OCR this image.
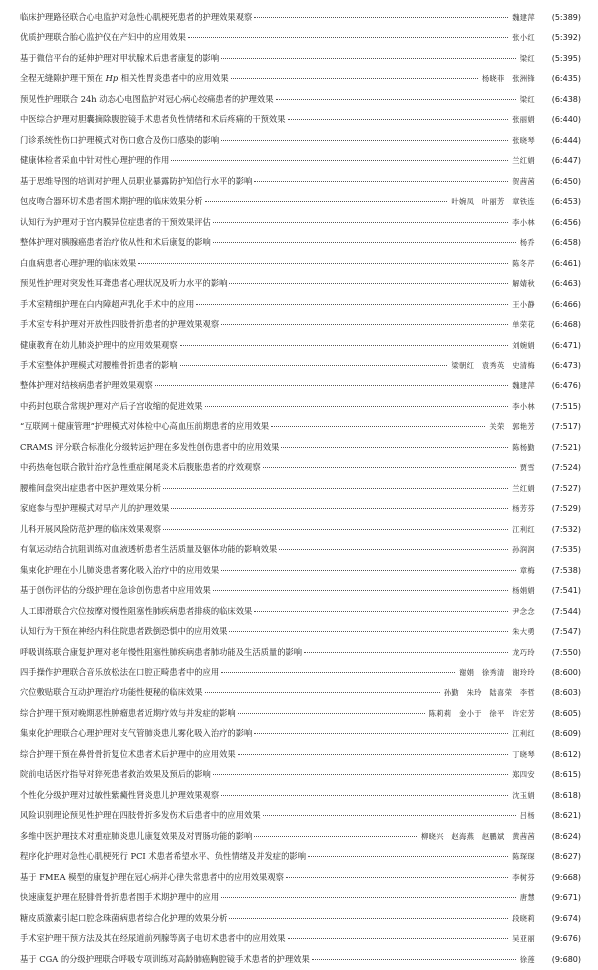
临床护理路径联合心电监护对急性心肌梗死患者的护理效果观察	魏建萍	(5:389)
优质护理联合胎心监护仪在产妇中的应用效果	张小红	(5:392)
基于微信平台的延伸护理对甲状腺术后患者康复的影响	梁红	(5:395)
全程无缝隙护理干预在 Hp 相关性胃炎患者中的应用效果	杨晓菲　张洲锋	(6:435)
预见性护理联合 24h 动态心电图监护对冠心病心绞痛患者的护理效果	梁红	(6:438)
中医综合护理对胆囊摘除腹腔镜手术患者负性情绪和术后疼痛的干预效果	张丽娟	(6:440)
门诊系统性伤口护理模式对伤口愈合及伤口感染的影响	张晓琴	(6:444)
健康体检者采血中针对性心理护理的作用	兰红娟	(6:447)
基于思维导图的培训对护理人员职业暴露防护知信行水平的影响	贺茜茜	(6:450)
包皮吻合器环切术患者围术期护理的临床效果分析	叶婉凤　叶丽芳　章铁连	(6:453)
认知行为护理对于宫内膜异位症患者的干预效果评估	李小林	(6:456)
整体护理对胰腺癌患者治疗依从性和术后康复的影响	杨乔	(6:458)
白血病患者心理护理的临床效果	陈冬芹	(6:461)
预见性护理对突发性耳聋患者心理状况及听力水平的影响	解婧秋	(6:463)
手术室精细护理在白内障超声乳化手术中的应用	王小静	(6:466)
手术室专科护理对开放性四肢骨折患者的护理效果观察	单荣花	(6:468)
健康教育在幼儿肺炎护理中的应用效果观察	刘婉娟	(6:471)
手术室整体护理模式对腰椎骨折患者的影响	梁朝红　袁秀英　史清梅	(6:473)
整体护理对结核病患者护理效果观察	魏建萍	(6:476)
中药封包联合常规护理对产后子宫收缩的促进效果	李小林	(7:515)
“互联网＋健康管理”护理模式对体检中心高血压前期患者的应用效果	关荣　郭艳芳	(7:517)
CRAMS 评分联合标准化分级转运护理在多发性创伤患者中的应用效果	陈杨勤	(7:521)
中药热奄包联合散针治疗急性重症阑尾炎术后腹胀患者的疗效观察	贾雪	(7:524)
腰椎间盘突出症患者中医护理效果分析	兰红娟	(7:527)
家庭参与型护理模式对早产儿的护理效果	杨芳芬	(7:529)
儿科开展风险防范护理的临床效果观察	江利红	(7:532)
有氧运动结合抗阻训练对血液透析患者生活质量及躯体功能的影响效果	孙润润	(7:535)
集束化护理在小儿肺炎患者雾化吸入治疗中的应用效果	章梅	(7:538)
基于创伤评估的分级护理在急诊创伤患者中应用效果	杨娟娟	(7:541)
人工即滑联合穴位按摩对慢性阻塞性肺疾病患者排痰的临床效果	尹念念	(7:544)
认知行为干预在神经内科住院患者跌倒恐惧中的应用效果	朱大勇	(7:547)
呼吸训练联合康复护理对老年慢性阻塞性肺疾病患者肺功能及生活质量的影响	龙巧玲	(7:550)
四手操作护理联合音乐放松法在口腔正畸患者中的应用	谢娟　徐秀清　谢玲玲	(8:600)
穴位敷贴联合互动护理治疗功能性便秘的临床效果	孙勤　朱玲　陆喜荣　李哲	(8:603)
综合护理干预对晚期恶性肿瘤患者近期疗效与并发症的影响	陈莉莉　金小于　徐平　许宏芳	(8:605)
集束化护理联合心理护理对支气管肺炎患儿雾化吸入治疗的影响	江利红	(8:609)
综合护理干预在鼻骨骨折复位术患者术后护理中的应用效果	丁晓琴	(8:612)
院前电话医疗指导对猝死患者救治效果及预后的影响	郑四安	(8:615)
个性化分级护理对过敏性紫癜性肾炎患儿护理效果观察	沈玉娟	(8:618)
风险识别理论预见性护理在四肢骨折多发伤术后患者中的应用效果	吕杨	(8:621)
多维中医护理技术对重症肺炎患儿康复效果及对胃肠功能的影响	柳晓兴　赵海燕　赵鹏斌　黄茜茜	(8:624)
程序化护理对急性心肌梗死行 PCI 术患者希望水平、负性情绪及并发症的影响	陈琛琛	(8:627)
基于 FMEA 模型的康复护理在冠心病并心律失常患者中的应用效果观察	李树芬	(9:668)
快速康复护理在胫腓骨骨折患者围手术期护理中的应用	唐慧	(9:671)
糖皮质激素引起口腔念珠菌病患者综合化护理的效果分析	段晓莉	(9:674)
手术室护理干预方法及其在经尿道前列腺等离子电切术患者中的应用效果	吴亚丽	(9:676)
基于 CGA 的分级护理联合呼吸专项训练对高龄肺癌胸腔镜手术患者的护理效果	徐莲	(9:680)
